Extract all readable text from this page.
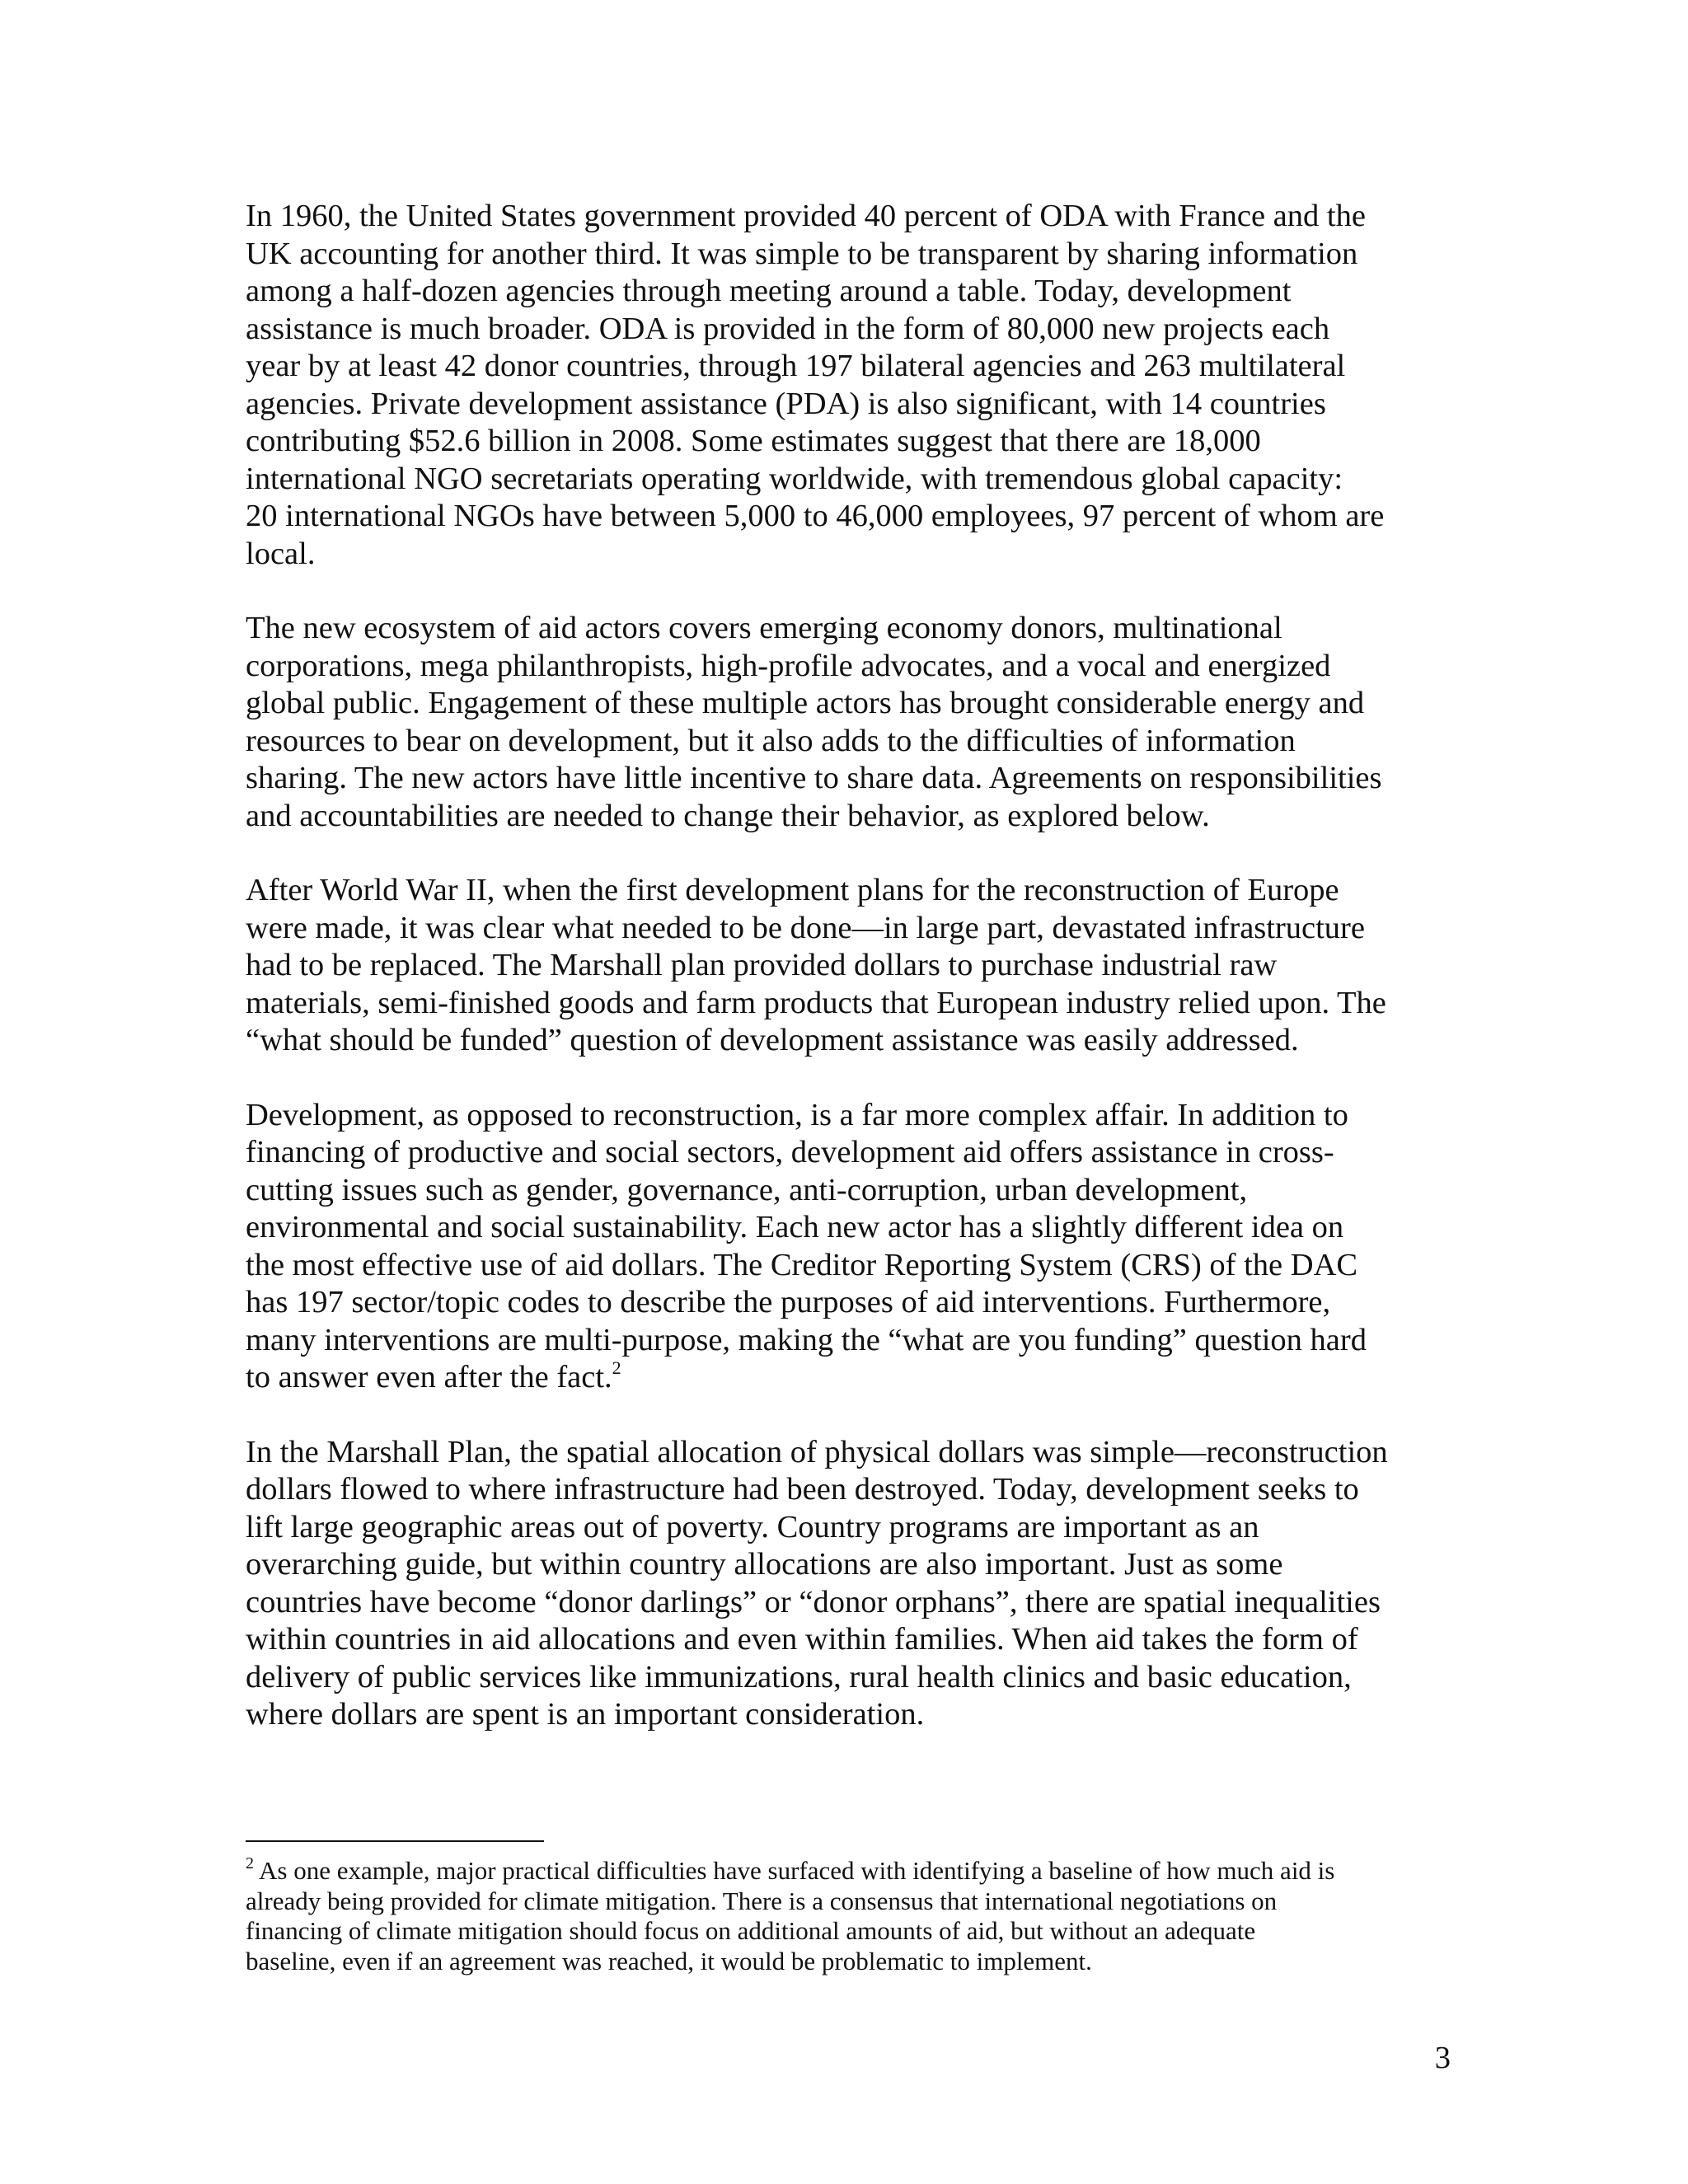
In 1960, the United States government provided 40 percent of ODA with France and the
UK accounting for another third. It was simple to be transparent by sharing information
among a half-dozen agencies through meeting around a table. Today, development
assistance is much broader. ODA is provided in the form of 80,000 new projects each
year by at least 42 donor countries, through 197 bilateral agencies and 263 multilateral
agencies. Private development assistance (PDA) is also significant, with 14 countries
contributing $52.6 billion in 2008. Some estimates suggest that there are 18,000
international NGO secretariats operating worldwide, with tremendous global capacity:
20 international NGOs have between 5,000 to 46,000 employees, 97 percent of whom are
local.

The new ecosystem of aid actors covers emerging economy donors, multinational
corporations, mega philanthropists, high-profile advocates, and a vocal and energized
global public. Engagement of these multiple actors has brought considerable energy and
resources to bear on development, but it also adds to the difficulties of information
sharing. The new actors have little incentive to share data. Agreements on responsibilities
and accountabilities are needed to change their behavior, as explored below.

After World War II, when the first development plans for the reconstruction of Europe
were made, it was clear what needed to be done—in large part, devastated infrastructure
had to be replaced. The Marshall plan provided dollars to purchase industrial raw
materials, semi-finished goods and farm products that European industry relied upon. The
“what should be funded” question of development assistance was easily addressed.

Development, as opposed to reconstruction, is a far more complex affair. In addition to
financing of productive and social sectors, development aid offers assistance in cross-
cutting issues such as gender, governance, anti-corruption, urban development,
environmental and social sustainability. Each new actor has a slightly different idea on
the most effective use of aid dollars. The Creditor Reporting System (CRS) of the DAC
has 197 sector/topic codes to describe the purposes of aid interventions. Furthermore,
many interventions are multi-purpose, making the “what are you funding” question hard
to answer even after the fact.$^2$

In the Marshall Plan, the spatial allocation of physical dollars was simple—reconstruction
dollars flowed to where infrastructure had been destroyed. Today, development seeks to
lift large geographic areas out of poverty. Country programs are important as an
overarching guide, but within country allocations are also important. Just as some
countries have become “donor darlings” or “donor orphans”, there are spatial inequalities
within countries in aid allocations and even within families. When aid takes the form of
delivery of public services like immunizations, rural health clinics and basic education,
where dollars are spent is an important consideration.

$^2$ As one example, major practical difficulties have surfaced with identifying a baseline of how much aid is
already being provided for climate mitigation. There is a consensus that international negotiations on
financing of climate mitigation should focus on additional amounts of aid, but without an adequate
baseline, even if an agreement was reached, it would be problematic to implement.
3
